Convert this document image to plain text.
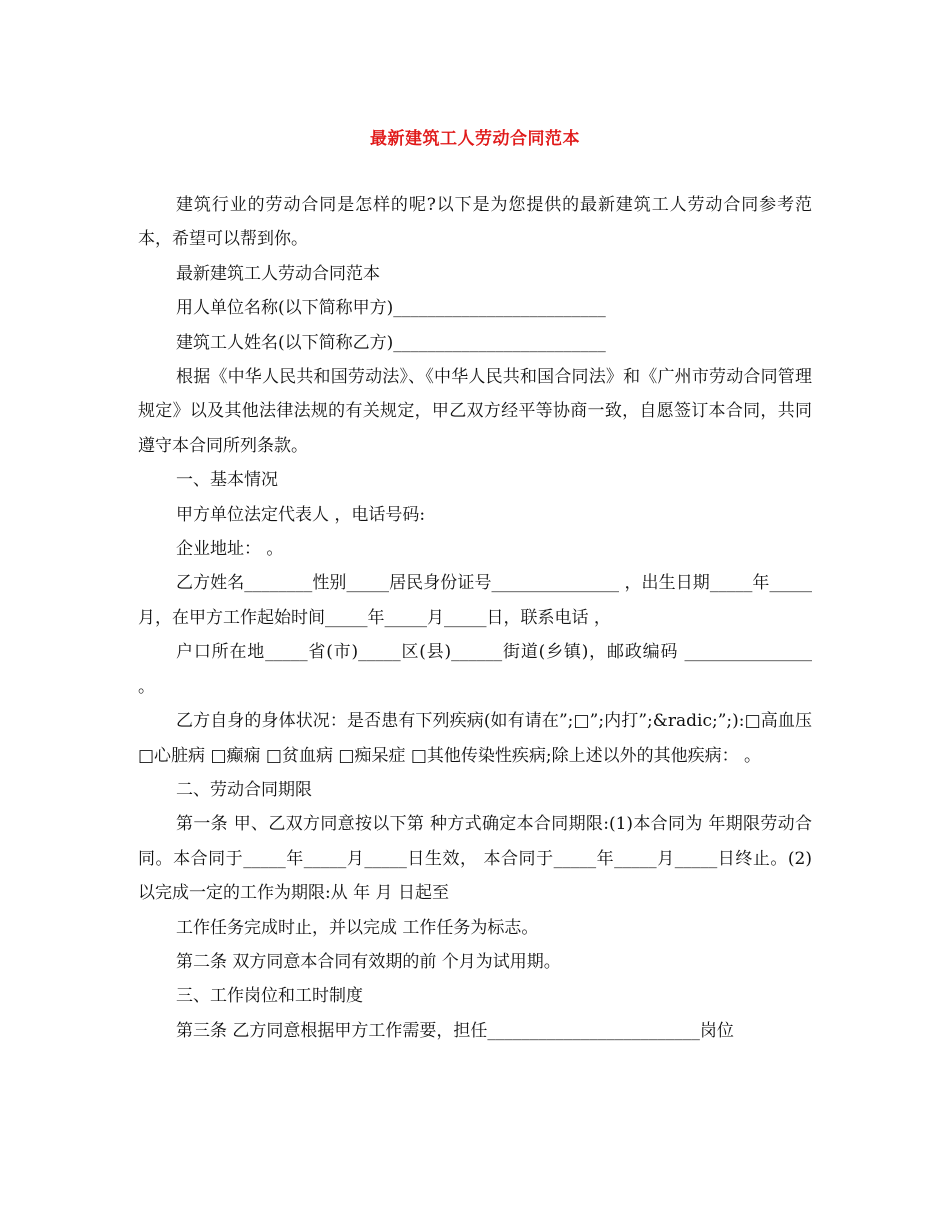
最新建筑工人劳动合同范本

建筑行业的劳动合同是怎样的呢?以下是为您提供的最新建筑工人劳动合同参考范本，希望可以帮到你。

最新建筑工人劳动合同范本

用人单位名称(以下简称甲方)_________________________

建筑工人姓名(以下简称乙方)_________________________

根据《中华人民共和国劳动法》、《中华人民共和国合同法》和《广州市劳动合同管理规定》以及其他法律法规的有关规定，甲乙双方经平等协商一致，自愿签订本合同，共同遵守本合同所列条款。

一、基本情况

甲方单位法定代表人 ，电话号码:

企业地址： 。

乙方姓名________性别_____居民身份证号_______________ ，出生日期_____年_____月，在甲方工作起始时间_____年_____月_____日，联系电话 ，

户口所在地_____省(市)_____区(县)______街道(乡镇)，邮政编码 _______________ 。

乙方自身的身体状况：是否患有下列疾病(如有请在”;□”;内打”;&radic;”;):□高血压 □心脏病 □癫痫 □贫血病 □痴呆症 □其他传染性疾病;除上述以外的其他疾病： 。

二、劳动合同期限

第一条 甲、乙双方同意按以下第 种方式确定本合同期限:(1)本合同为 年期限劳动合同。本合同于_____年_____月_____日生效， 本合同于_____年_____月_____日终止。(2)以完成一定的工作为期限:从 年 月 日起至

工作任务完成时止，并以完成 工作任务为标志。

第二条 双方同意本合同有效期的前 个月为试用期。

三、工作岗位和工时制度

第三条 乙方同意根据甲方工作需要，担任_________________________岗位
